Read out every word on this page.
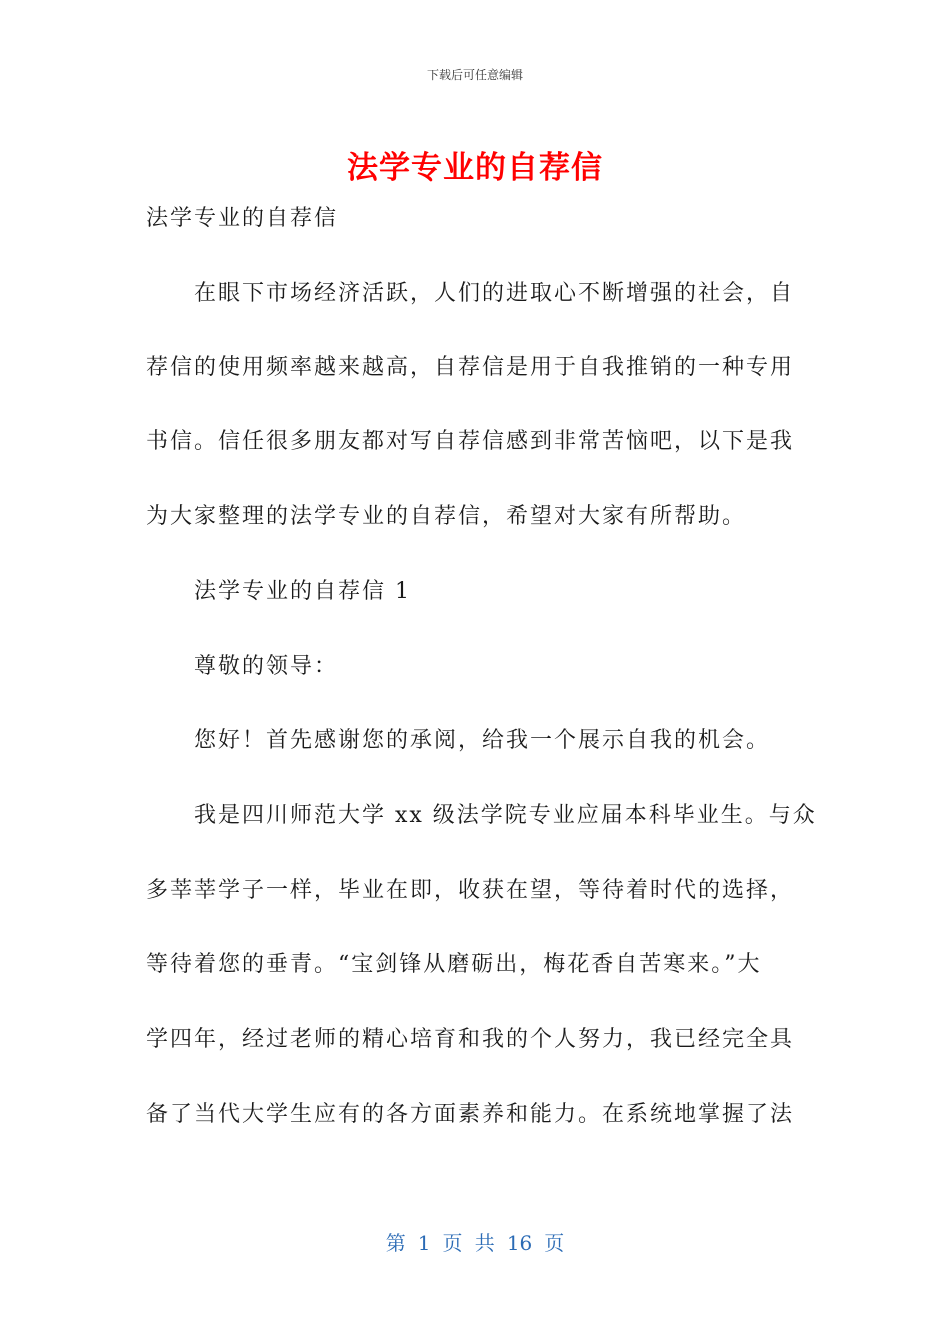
下载后可任意编辑
法学专业的自荐信
法学专业的自荐信
在眼下市场经济活跃，人们的进取心不断增强的社会，自
荐信的使用频率越来越高，自荐信是用于自我推销的一种专用
书信。信任很多朋友都对写自荐信感到非常苦恼吧，以下是我
为大家整理的法学专业的自荐信，希望对大家有所帮助。
法学专业的自荐信 1
尊敬的领导：
您好！首先感谢您的承阅，给我一个展示自我的机会。
我是四川师范大学 xx 级法学院专业应届本科毕业生。与众
多莘莘学子一样，毕业在即，收获在望，等待着时代的选择，
等待着您的垂青。“宝剑锋从磨砺出，梅花香自苦寒来。”大
学四年，经过老师的精心培育和我的个人努力，我已经完全具
备了当代大学生应有的各方面素养和能力。在系统地掌握了法
第 1 页 共 16 页
